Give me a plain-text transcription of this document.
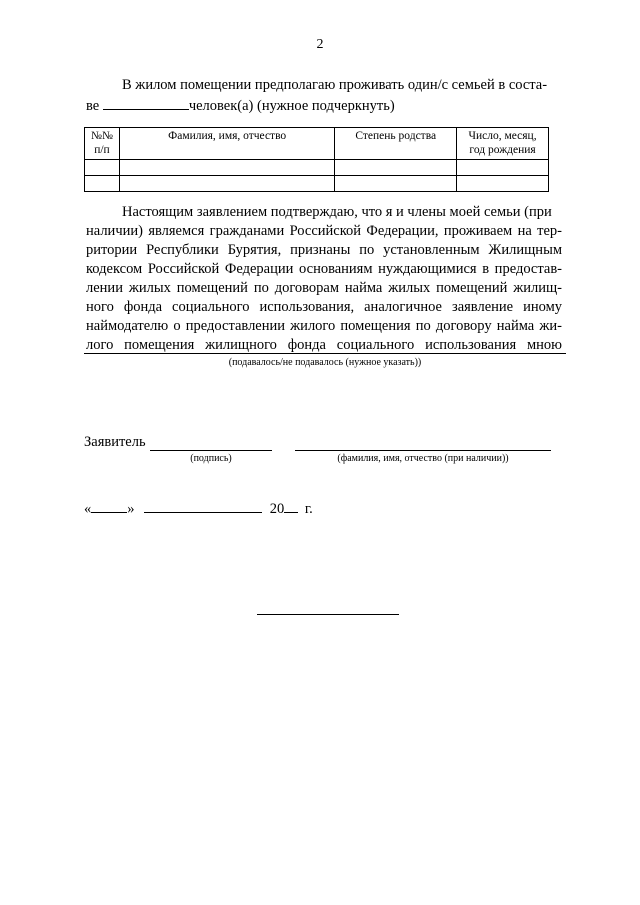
2
В жилом помещении предполагаю проживать один/с семьей в соста-
ве	человек(а) (нужное подчеркнуть)
№№
п/п	Фамилия, имя, отчество	Степень родства	Число, месяц,
год рождения

Настоящим заявлением подтверждаю, что я и члены моей семьи (при
наличии) являемся гражданами Российской Федерации, проживаем на тер-
ритории Республики Бурятия, признаны по установленным Жилищным
кодексом Российской Федерации основаниям нуждающимися в предостав-
лении жилых помещений по договорам найма жилых помещений жилищ-
ного фонда социального использования, аналогичное заявление иному
наймодателю о предоставлении жилого помещения по договору найма жи-
лого помещения жилищного фонда социального использования мною
(подавалось/не подавалось (нужное указать))
Заявитель
(подпись)	(фамилия, имя, отчество (при наличии))
« »	20 г.
